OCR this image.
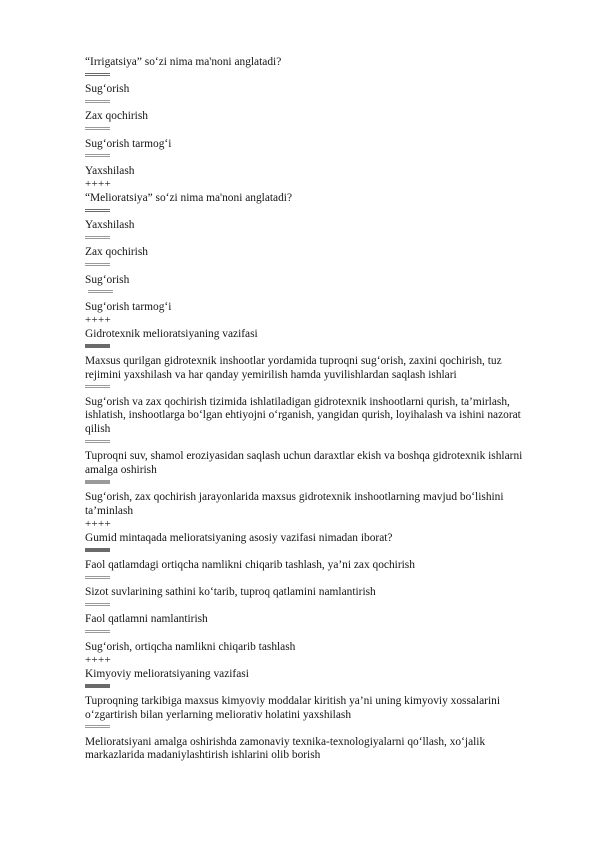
“Irrigatsiya” so‘zi nima ma'noni anglatadi?
Sug‘orish
Zax qochirish
Sug‘orish tarmog‘i
Yaxshilash
++++
“Melioratsiya” so‘zi nima ma'noni anglatadi?
Yaxshilash
Zax qochirish
Sug‘orish
Sug‘orish tarmog‘i
++++
Gidrotexnik melioratsiyaning vazifasi
Maxsus qurilgan gidrotexnik inshootlar yordamida tuproqni sug‘orish, zaxini qochirish, tuz rejimini yaxshilash va har qanday yemirilish hamda yuvilishlardan saqlash ishlari
Sug‘orish va zax qochirish tizimida ishlatiladigan gidrotexnik inshootlarni qurish, ta’mirlash, ishlatish, inshootlarga bo‘lgan ehtiyojni o‘rganish, yangidan qurish, loyihalash va ishini nazorat qilish
Tuproqni suv, shamol eroziyasidan saqlash uchun daraxtlar ekish va boshqa gidrotexnik ishlarni amalga oshirish
Sug‘orish, zax qochirish jarayonlarida maxsus gidrotexnik inshootlarning mavjud bo‘lishini ta’minlash
++++
Gumid mintaqada melioratsiyaning asosiy vazifasi nimadan iborat?
Faol qatlamdagi ortiqcha namlikni chiqarib tashlash, ya’ni zax qochirish
Sizot suvlarining sathini ko‘tarib, tuproq qatlamini namlantirish
Faol qatlamni namlantirish
Sug‘orish, ortiqcha namlikni chiqarib tashlash
++++
Kimyoviy melioratsiyaning vazifasi
Tuproqning tarkibiga maxsus kimyoviy moddalar kiritish ya’ni uning kimyoviy xossalarini o‘zgartirish bilan yerlarning meliorativ holatini yaxshilash
Melioratsiyani amalga oshirishda zamonaviy texnika-texnologiyalarni qo‘llash, xo‘jalik markazlarida madaniylashtirish ishlarini olib borish
